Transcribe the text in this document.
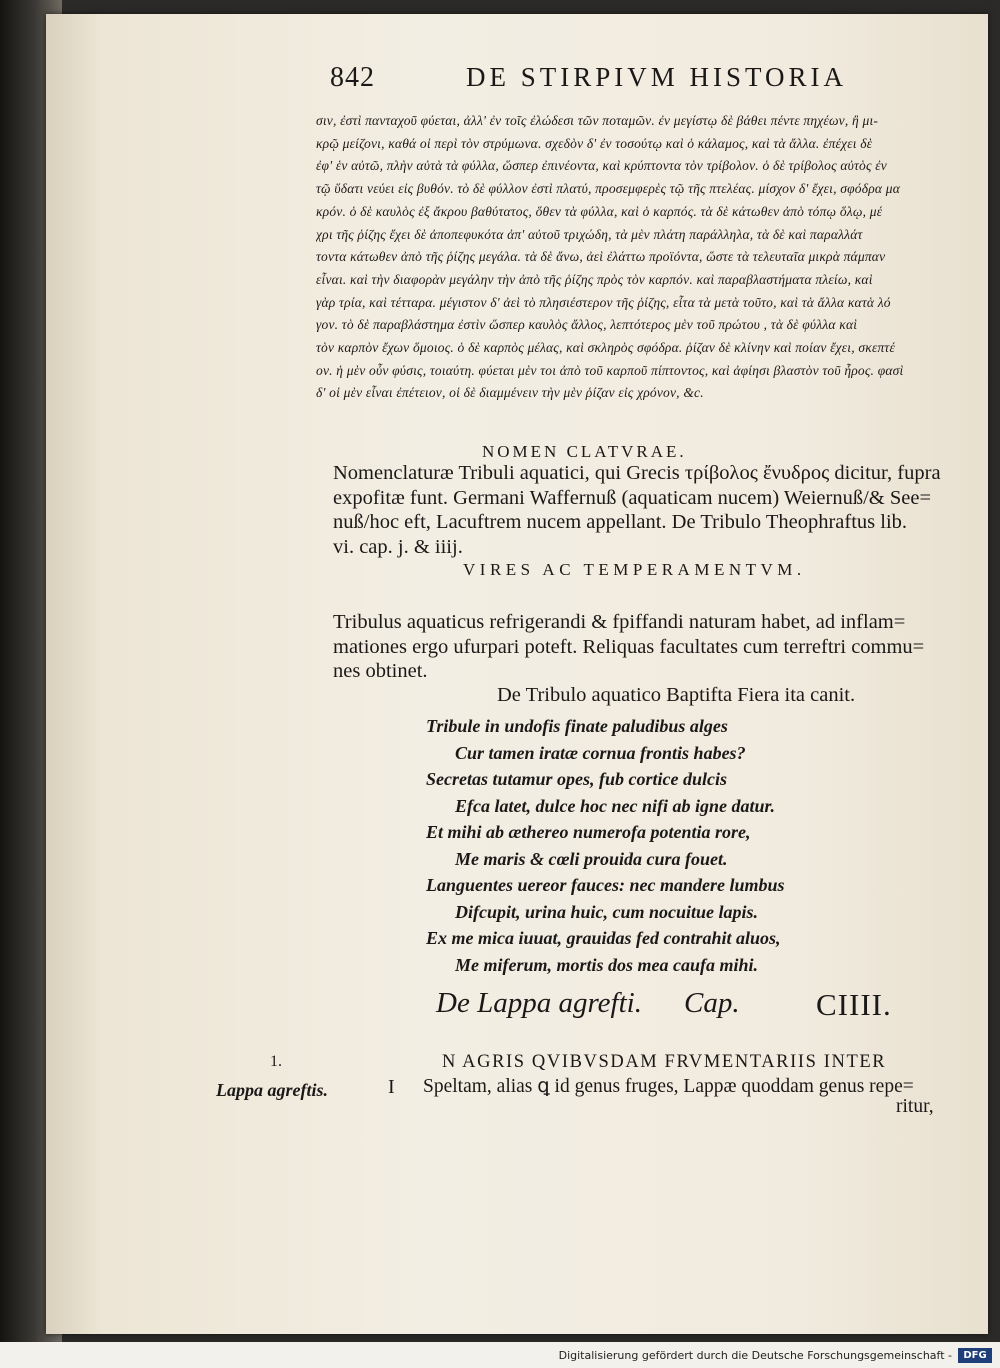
842	DE STIRPIVM HISTORIA

σιν, ἐστὶ πανταχοῦ φύεται, ἀλλ' ἐν τοῖς ἐλώδεσι τῶν ποταμῶν. ἐν μεγίστῳ δὲ βάθει πέντε πηχέων, ἢ μι-

κρῷ μείζονι, καθά οἱ περὶ τὸν στρύμωνα. σχεδὸν δ' ἐν τοσούτῳ καὶ ὁ κάλαμος, καὶ τὰ ἄλλα. ἐπέχει δὲ

ἐφ' ἑν αὐτῶ, πλὴν αὐτὰ τὰ φύλλα, ὥσπερ ἐπινέοντα, καὶ κρύπτοντα τὸν τρίβολον. ὁ δὲ τρίβολος αὐτὸς ἐν

τῷ ὕδατι νεύει εἰς βυθόν. τὸ δὲ φύλλον ἐστὶ πλατύ, προσεμφερὲς τῷ τῆς πτελέας. μίσχον δ' ἔχει, σφόδρα μα

κρόν. ὁ δὲ καυλὸς ἐξ ἄκρου βαθύτατος, ὅθεν τὰ φύλλα, καὶ ὁ καρπός. τὰ δὲ κάτωθεν ἀπὸ τόπῳ ὅλῳ, μέ

χρι τῆς ῥίζης ἔχει δὲ ἀποπεφυκότα ἀπ' αὐτοῦ τριχώδη, τὰ μὲν πλάτη παράλληλα, τὰ δὲ καὶ παραλλάτ

τοντα κάτωθεν ἀπὸ τῆς ῥίζης μεγάλα. τὰ δὲ ἄνω, ἀεὶ ἐλάττω προϊόντα, ὥστε τὰ τελευταῖα μικρὰ πάμπαν

εἶναι. καὶ τὴν διαφορὰν μεγάλην τὴν ἀπὸ τῆς ῥίζης πρὸς τὸν καρπόν. καὶ παραβλαστήματα πλείω, καὶ

γὰρ τρία, καὶ τέτταρα. μέγιστον δ' ἀεὶ τὸ πλησιέστερον τῆς ῥίζης, εἶτα τὰ μετὰ τοῦτο, καὶ τὰ ἄλλα κατὰ λό

γον. τὸ δὲ παραβλάστημα ἐστὶν ὥσπερ καυλὸς ἄλλος, λεπτότερος μὲν τοῦ πρώτου , τὰ δὲ φύλλα καὶ

τὸν καρπὸν ἔχων ὅμοιος. ὁ δὲ καρπὸς μέλας, καὶ σκληρὸς σφόδρα. ῥίζαν δὲ κλίνην καὶ ποίαν ἔχει, σκεπτέ

ον. ἡ μὲν οὖν φύσις, τοιαύτη. φύεται μὲν τοι ἀπὸ τοῦ καρποῦ πίπτοντος, καὶ ἀφίησι βλαστὸν τοῦ ἦρος. φασὶ

δ' οἱ μὲν εἶναι ἐπέτειον, οἱ δὲ διαμμένειν τὴν μὲν ῥίζαν εἰς χρόνον, &c.

NOMEN CLATVRAE.

Nomenclaturæ Tribuli aquatici, qui Grecis τρίβολος ἔνυδρος dicitur, fupra

expofitæ funt. Germani Waffernuß (aquaticam nucem) Weiernuß/& See=

nuß/hoc eft, Lacuftrem nucem appellant. De Tribulo Theophraftus lib.

vi. cap. j. & iiij.

VIRES AC TEMPERAMENTVM.

Tribulus aquaticus refrigerandi & fpiffandi naturam habet, ad inflam=

mationes ergo ufurpari poteft. Reliquas facultates cum terreftri commu=

nes obtinet.

De Tribulo aquatico Baptifta Fiera ita canit.

Tribule in undofis finate paludibus alges

Cur tamen iratæ cornua frontis habes?

Secretas tutamur opes, fub cortice dulcis

Efca latet, dulce hoc nec nifi ab igne datur.

Et mihi ab æthereo numerofa potentia rore,

Me maris & cœli prouida cura fouet.

Languentes uereor fauces: nec mandere lumbus

Difcupit, urina huic, cum nocuitue lapis.

Ex me mica iuuat, grauidas fed contrahit aluos,

Me miferum, mortis dos mea caufa mihi.

De Lappa agrefti. Cap. CIIII.
1.
Lappa agreftis.
N AGRIS QVIBVSDAM FRVMENTARIIS INTER
I Speltam, alias ꝗ id genus fruges, Lappæ quoddam genus repe=
ritur,
Digitalisierung gefördert durch die Deutsche Forschungsgemeinschaft -	DFG
